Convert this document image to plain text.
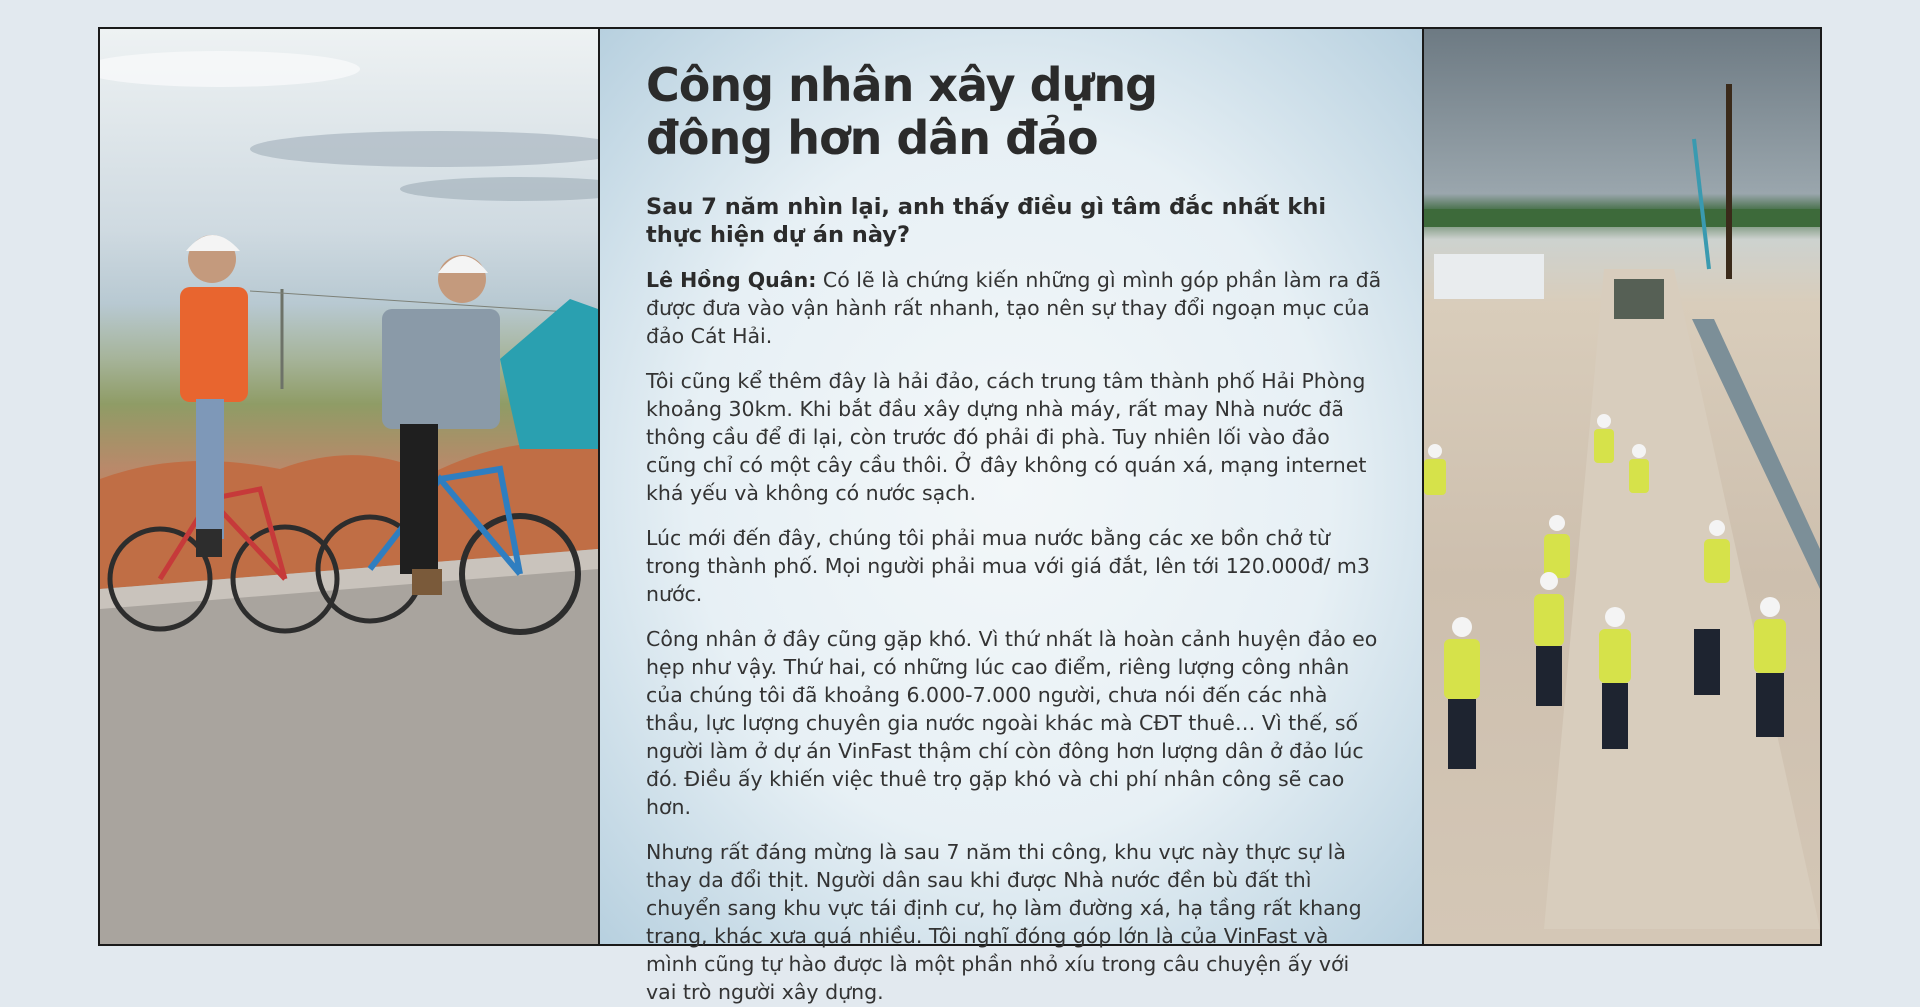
Công nhân xây dựng
đông hơn dân đảo

Sau 7 năm nhìn lại, anh thấy điều gì tâm đắc nhất khi thực hiện dự án này?

Lê Hồng Quân: Có lẽ là chứng kiến những gì mình góp phần làm ra đã được đưa vào vận hành rất nhanh, tạo nên sự thay đổi ngoạn mục của đảo Cát Hải.

Tôi cũng kể thêm đây là hải đảo, cách trung tâm thành phố Hải Phòng khoảng 30km. Khi bắt đầu xây dựng nhà máy, rất may Nhà nước đã thông cầu để đi lại, còn trước đó phải đi phà. Tuy nhiên lối vào đảo cũng chỉ có một cây cầu thôi. Ở đây không có quán xá, mạng internet khá yếu và không có nước sạch.

Lúc mới đến đây, chúng tôi phải mua nước bằng các xe bồn chở từ trong thành phố. Mọi người phải mua với giá đắt, lên tới 120.000đ/ m3 nước.

Công nhân ở đây cũng gặp khó. Vì thứ nhất là hoàn cảnh huyện đảo eo hẹp như vậy. Thứ hai, có những lúc cao điểm, riêng lượng công nhân của chúng tôi đã khoảng 6.000-7.000 người, chưa nói đến các nhà thầu, lực lượng chuyên gia nước ngoài khác mà CĐT thuê… Vì thế, số người làm ở dự án VinFast thậm chí còn đông hơn lượng dân ở đảo lúc đó. Điều ấy khiến việc thuê trọ gặp khó và chi phí nhân công sẽ cao hơn.

Nhưng rất đáng mừng là sau 7 năm thi công, khu vực này thực sự là thay da đổi thịt. Người dân sau khi được Nhà nước đền bù đất thì chuyển sang khu vực tái định cư, họ làm đường xá, hạ tầng rất khang trang, khác xưa quá nhiều. Tôi nghĩ đóng góp lớn là của VinFast và mình cũng tự hào được là một phần nhỏ xíu trong câu chuyện ấy với vai trò người xây dựng.
